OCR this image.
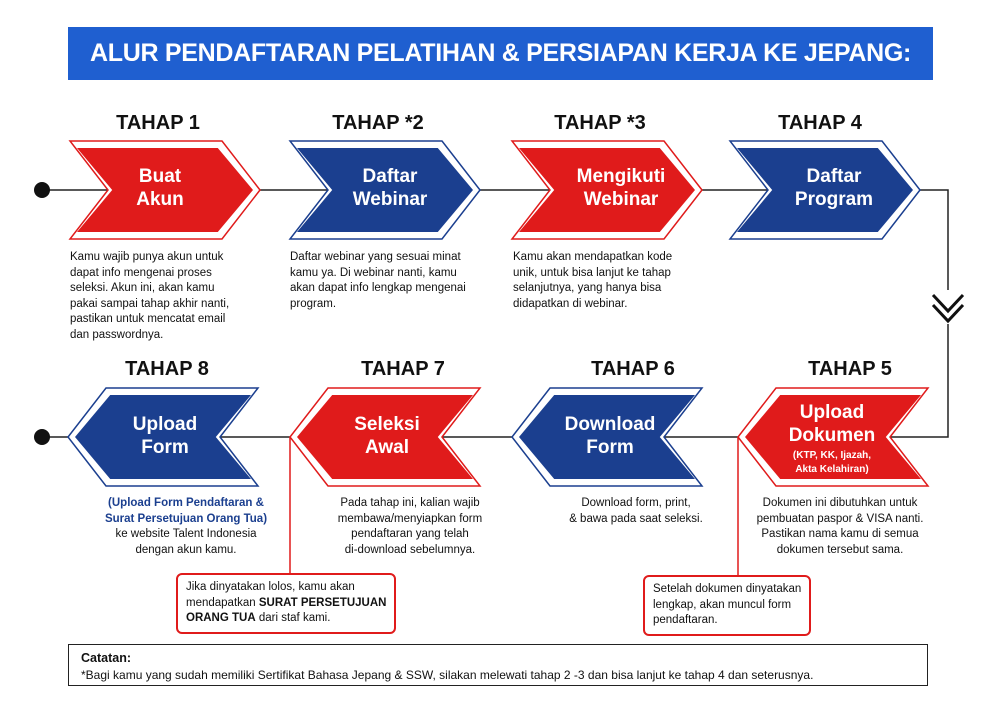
ALUR PENDAFTARAN PELATIHAN & PERSIAPAN KERJA KE JEPANG:
TAHAP 1	TAHAP *2	TAHAP *3	TAHAP 4
TAHAP 8	TAHAP 7	TAHAP 6	TAHAP 5
Buat
Akun
Daftar
Webinar
Mengikuti
Webinar
Daftar
Program
Upload
Dokumen
(KTP, KK, Ijazah,
Akta Kelahiran)
Download
Form
Seleksi
Awal
Upload
Form
Kamu wajib punya akun untuk
dapat info mengenai proses
seleksi. Akun ini, akan kamu
pakai sampai tahap akhir nanti,
pastikan untuk mencatat email
dan passwordnya.
Daftar webinar yang sesuai minat
kamu ya. Di webinar nanti, kamu
akan dapat info lengkap mengenai
program.
Kamu akan mendapatkan kode
unik, untuk bisa lanjut ke tahap
selanjutnya, yang hanya bisa
didapatkan di webinar.
(Upload Form Pendaftaran &
Surat Persetujuan Orang Tua)
ke website Talent Indonesia
dengan akun kamu.
Pada tahap ini, kalian wajib
membawa/menyiapkan form
pendaftaran yang telah
di-download sebelumnya.
Download form, print,
& bawa pada saat seleksi.
Dokumen ini dibutuhkan untuk
pembuatan paspor & VISA nanti.
Pastikan nama kamu di semua
dokumen tersebut sama.
Jika dinyatakan lolos, kamu akan
mendapatkan SURAT PERSETUJUAN
ORANG TUA dari staf kami.
Setelah dokumen dinyatakan
lengkap, akan muncul form
pendaftaran.
Catatan:
*Bagi kamu yang sudah memiliki Sertifikat Bahasa Jepang & SSW, silakan melewati tahap 2 -3 dan bisa lanjut ke tahap 4 dan seterusnya.
